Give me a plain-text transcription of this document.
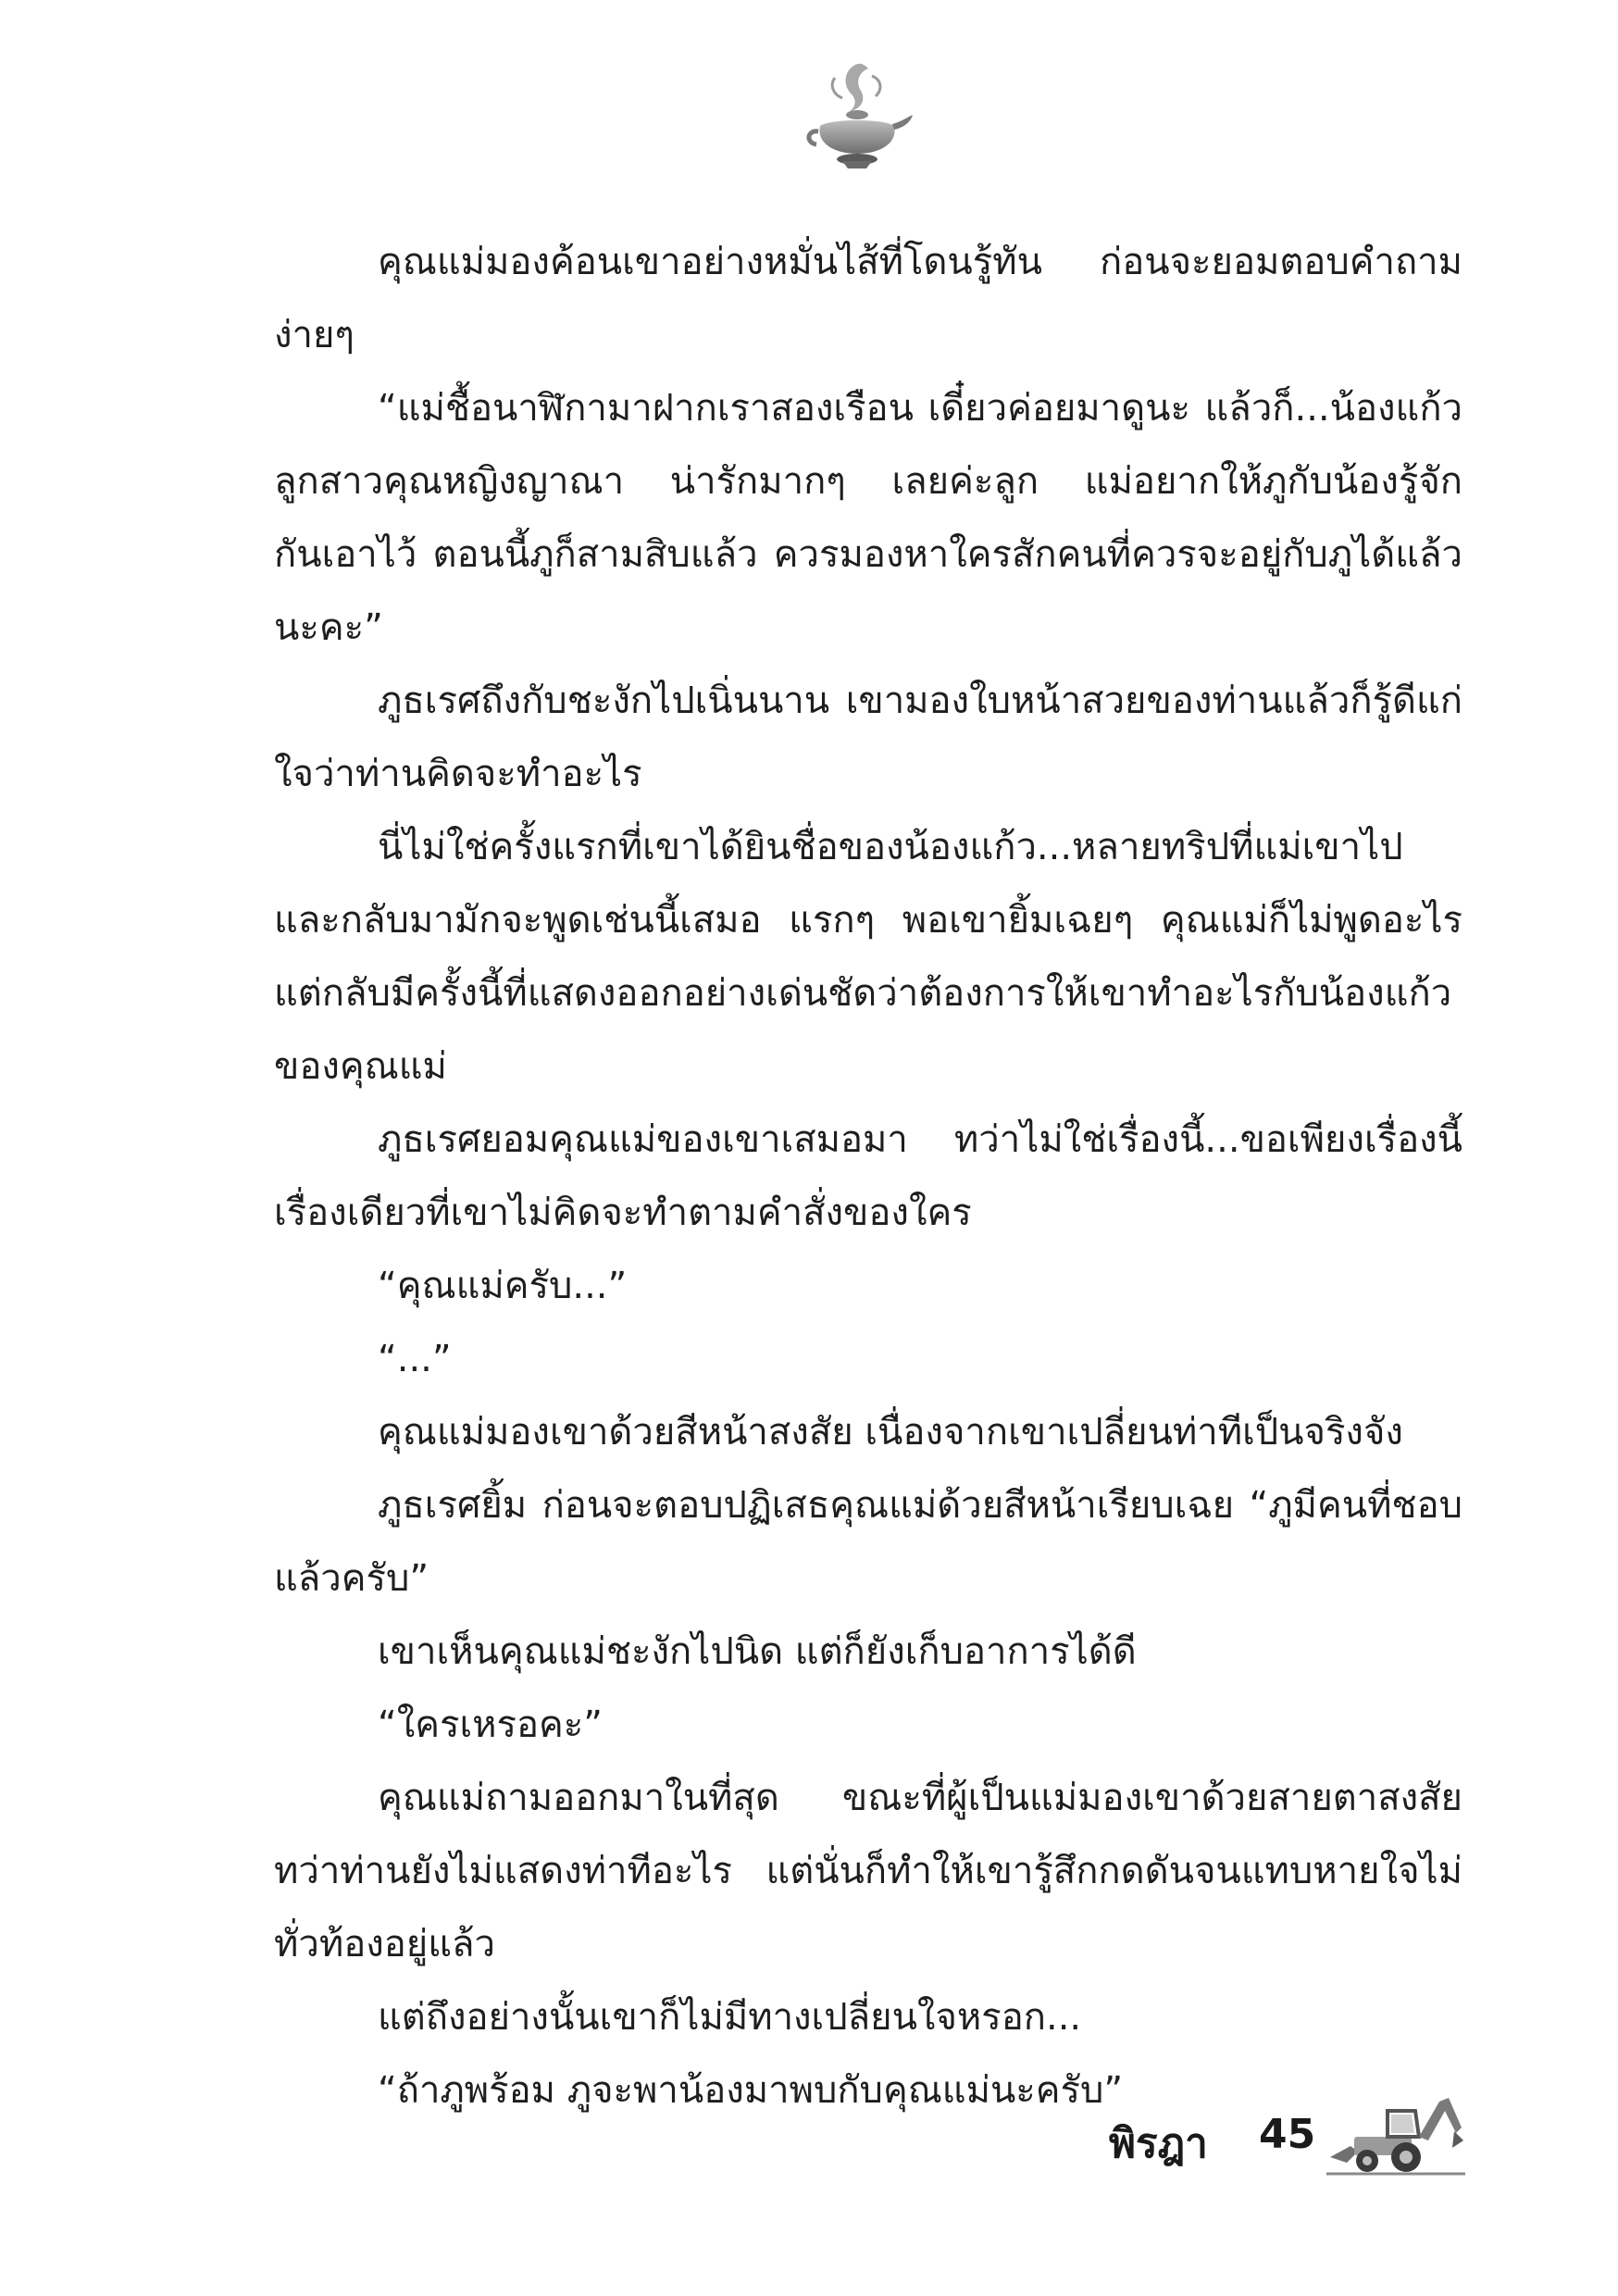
คุณแม่มองค้อนเขาอย่างหมั่นไส้ที่โดนรู้ทัน ก่อนจะยอมตอบคำถามง่ายๆ

“แม่ชื้อนาฬิกามาฝากเราสองเรือน เดี๋ยวค่อยมาดูนะ แล้วก็...น้องแก้วลูกสาวคุณหญิงญาณา น่ารักมากๆ เลยค่ะลูก แม่อยากให้ภูกับน้องรู้จักกันเอาไว้ ตอนนี้ภูก็สามสิบแล้ว ควรมองหาใครสักคนที่ควรจะอยู่กับภูได้แล้วนะคะ”

ภูธเรศถึงกับชะงักไปเนิ่นนาน เขามองใบหน้าสวยของท่านแล้วก็รู้ดีแก่ใจว่าท่านคิดจะทำอะไร

นี่ไม่ใช่ครั้งแรกที่เขาได้ยินชื่อของน้องแก้ว...หลายทริปที่แม่เขาไปและกลับมามักจะพูดเช่นนี้เสมอ แรกๆ พอเขายิ้มเฉยๆ คุณแม่ก็ไม่พูดอะไร แต่กลับมีครั้งนี้ที่แสดงออกอย่างเด่นชัดว่าต้องการให้เขาทำอะไรกับน้องแก้วของคุณแม่

ภูธเรศยอมคุณแม่ของเขาเสมอมา ทว่าไม่ใช่เรื่องนี้...ขอเพียงเรื่องนี้เรื่องเดียวที่เขาไม่คิดจะทำตามคำสั่งของใคร

“คุณแม่ครับ...”

“...”

คุณแม่มองเขาด้วยสีหน้าสงสัย เนื่องจากเขาเปลี่ยนท่าทีเป็นจริงจัง

ภูธเรศยิ้ม ก่อนจะตอบปฏิเสธคุณแม่ด้วยสีหน้าเรียบเฉย “ภูมีคนที่ชอบแล้วครับ”

เขาเห็นคุณแม่ชะงักไปนิด แต่ก็ยังเก็บอาการได้ดี

“ใครเหรอคะ”

คุณแม่ถามออกมาในที่สุด ขณะที่ผู้เป็นแม่มองเขาด้วยสายตาสงสัยทว่าท่านยังไม่แสดงท่าทีอะไร แต่นั่นก็ทำให้เขารู้สึกกดดันจนแทบหายใจไม่ทั่วท้องอยู่แล้ว

แต่ถึงอย่างนั้นเขาก็ไม่มีทางเปลี่ยนใจหรอก...

“ถ้าภูพร้อม ภูจะพาน้องมาพบกับคุณแม่นะครับ”

พิรฎา 45
